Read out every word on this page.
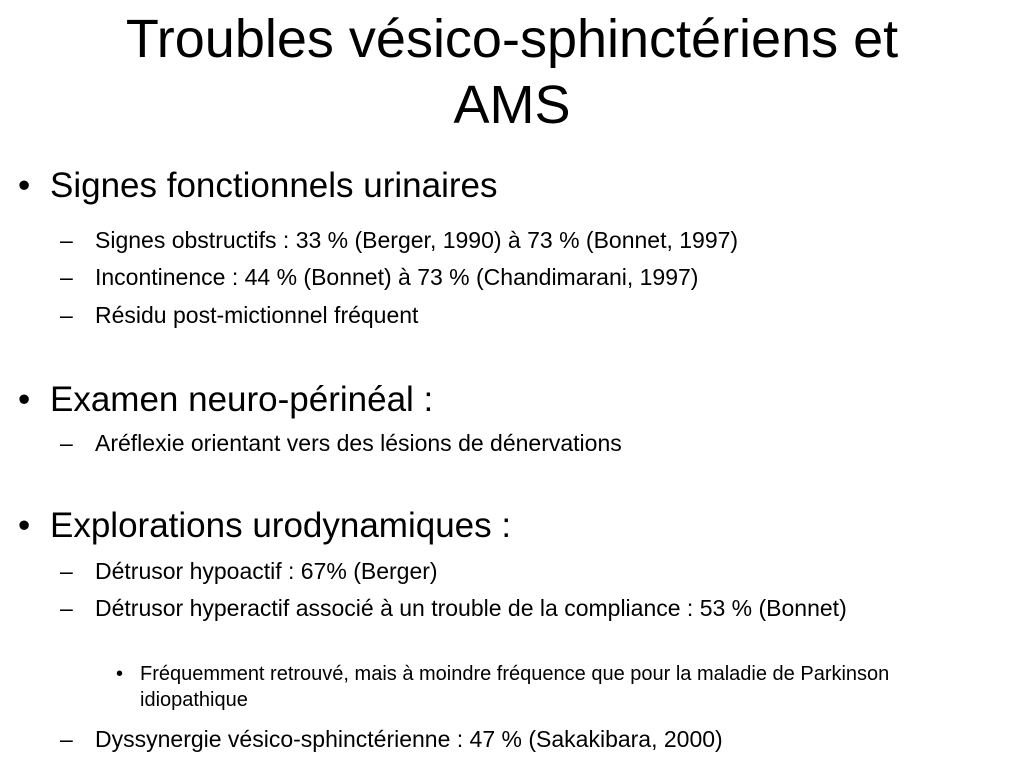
Troubles vésico-sphinctériens et
AMS
• Signes fonctionnels urinaires
– Signes obstructifs : 33 % (Berger, 1990) à 73 % (Bonnet, 1997)
– Incontinence : 44 % (Bonnet) à 73 % (Chandimarani, 1997)
– Résidu post-mictionnel fréquent
• Examen neuro-périnéal :
– Aréflexie orientant vers des lésions de dénervations
• Explorations urodynamiques :
– Détrusor hypoactif : 67% (Berger)
– Détrusor hyperactif associé à un trouble de la compliance : 53 % (Bonnet)
• Fréquemment retrouvé, mais à moindre fréquence que pour la maladie de Parkinson idiopathique
– Dyssynergie vésico-sphinctérienne : 47 % (Sakakibara, 2000)
